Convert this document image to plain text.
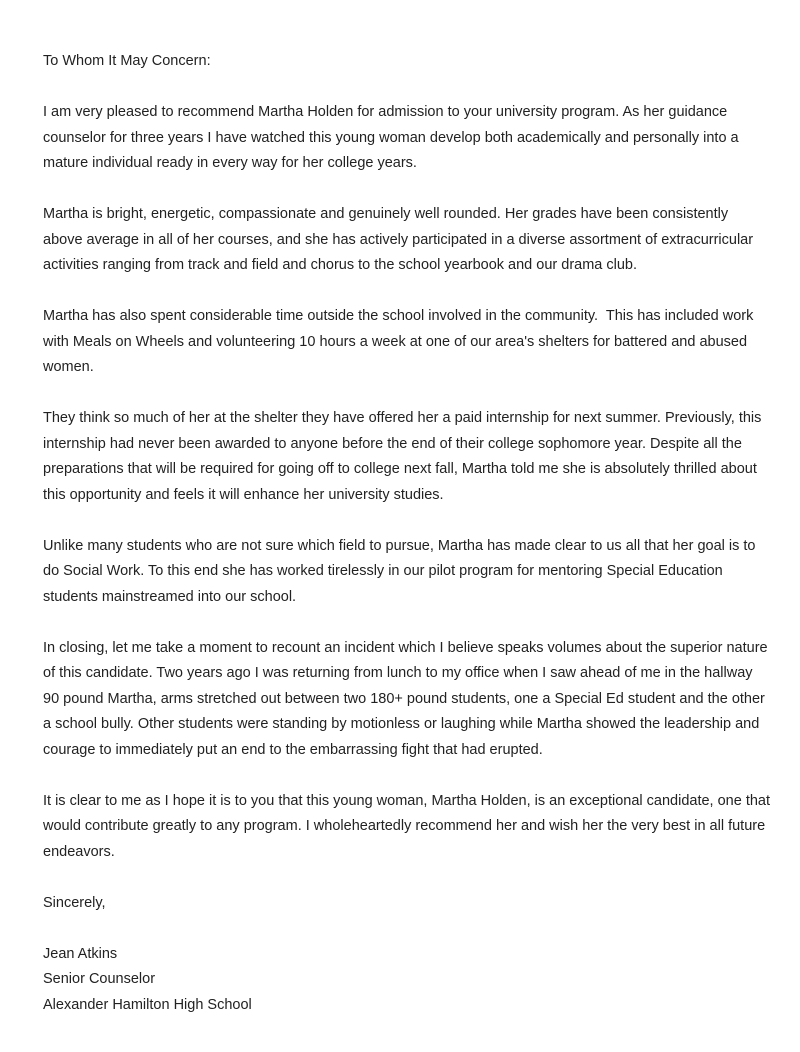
To Whom It May Concern:

I am very pleased to recommend Martha Holden for admission to your university program. As her guidance counselor for three years I have watched this young woman develop both academically and personally into a mature individual ready in every way for her college years.

Martha is bright, energetic, compassionate and genuinely well rounded. Her grades have been consistently above average in all of her courses, and she has actively participated in a diverse assortment of extracurricular activities ranging from track and field and chorus to the school yearbook and our drama club.

Martha has also spent considerable time outside the school involved in the community.  This has included work with Meals on Wheels and volunteering 10 hours a week at one of our area's shelters for battered and abused women.

They think so much of her at the shelter they have offered her a paid internship for next summer. Previously, this internship had never been awarded to anyone before the end of their college sophomore year. Despite all the preparations that will be required for going off to college next fall, Martha told me she is absolutely thrilled about this opportunity and feels it will enhance her university studies.

Unlike many students who are not sure which field to pursue, Martha has made clear to us all that her goal is to do Social Work. To this end she has worked tirelessly in our pilot program for mentoring Special Education students mainstreamed into our school.

In closing, let me take a moment to recount an incident which I believe speaks volumes about the superior nature of this candidate. Two years ago I was returning from lunch to my office when I saw ahead of me in the hallway 90 pound Martha, arms stretched out between two 180+ pound students, one a Special Ed student and the other a school bully. Other students were standing by motionless or laughing while Martha showed the leadership and courage to immediately put an end to the embarrassing fight that had erupted.

It is clear to me as I hope it is to you that this young woman, Martha Holden, is an exceptional candidate, one that would contribute greatly to any program. I wholeheartedly recommend her and wish her the very best in all future endeavors.

Sincerely,

Jean Atkins
Senior Counselor
Alexander Hamilton High School
